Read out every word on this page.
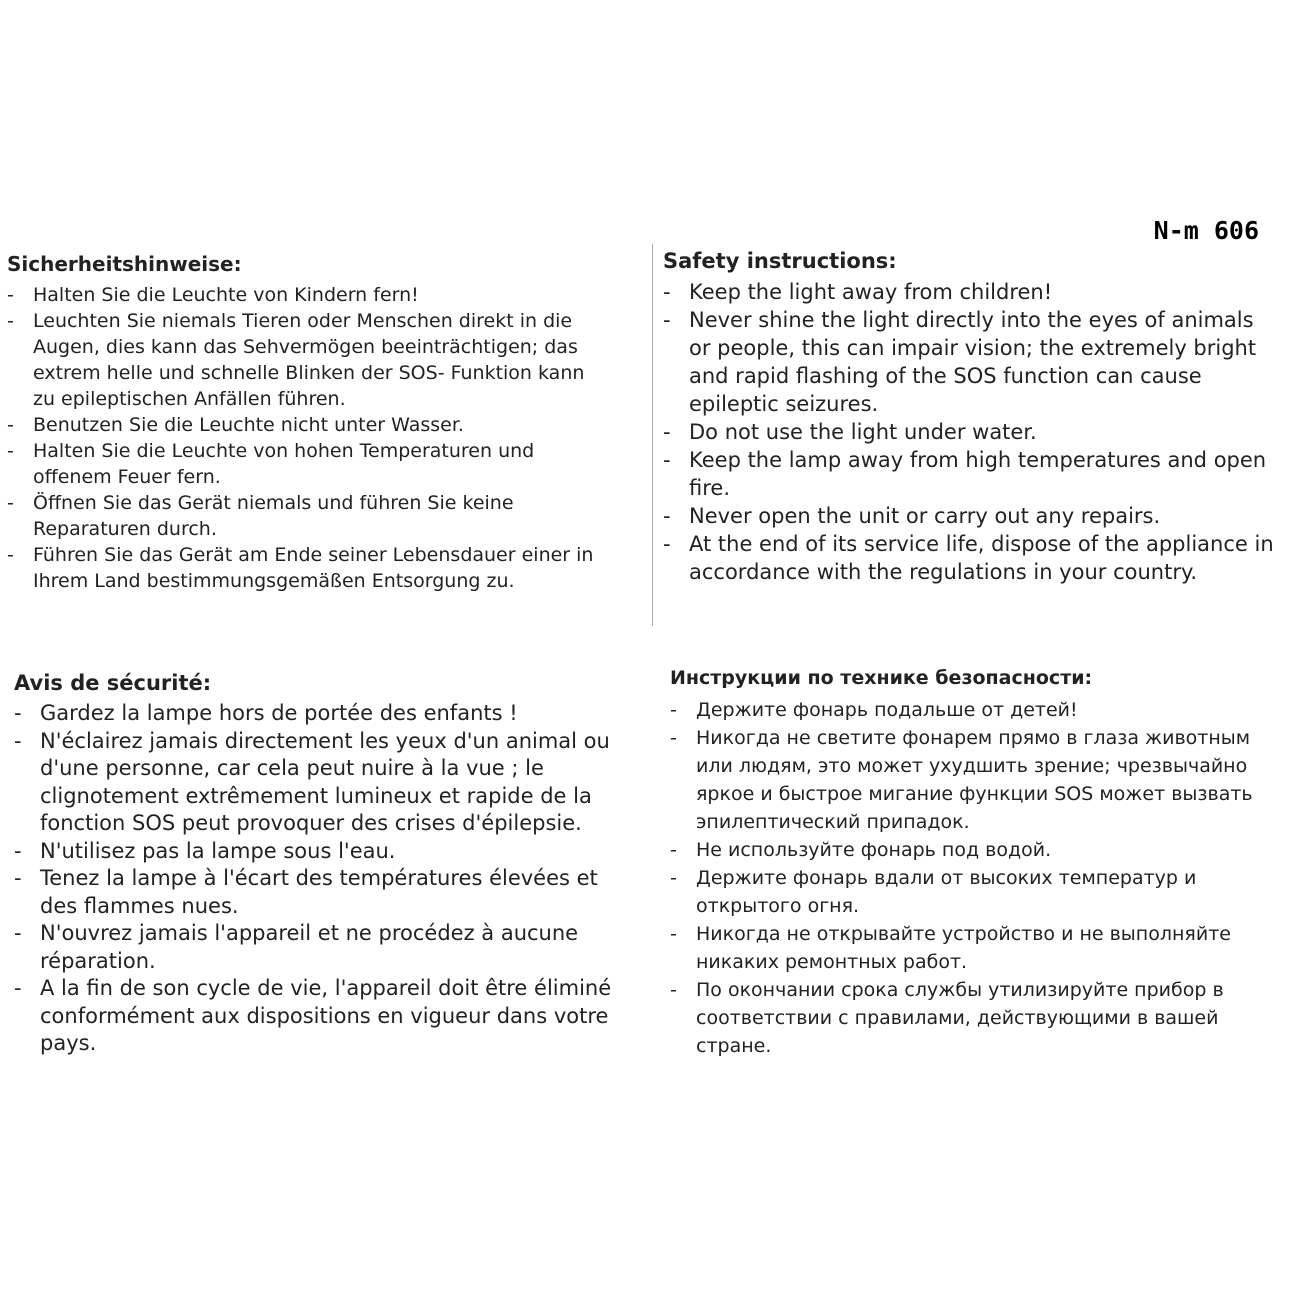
N-m 606
Sicherheitshinweise:
- Halten Sie die Leuchte von Kindern fern!
- Leuchten Sie niemals Tieren oder Menschen direkt in die Augen, dies kann das Sehvermögen beeinträchtigen; das extrem helle und schnelle Blinken der SOS- Funktion kann zu epileptischen Anfällen führen.
- Benutzen Sie die Leuchte nicht unter Wasser.
- Halten Sie die Leuchte von hohen Temperaturen und offenem Feuer fern.
- Öffnen Sie das Gerät niemals und führen Sie keine Reparaturen durch.
- Führen Sie das Gerät am Ende seiner Lebensdauer einer in Ihrem Land bestimmungsgemäßen Entsorgung zu.
Safety instructions:
- Keep the light away from children!
- Never shine the light directly into the eyes of animals or people, this can impair vision; the extremely bright and rapid flashing of the SOS function can cause epileptic seizures.
- Do not use the light under water.
- Keep the lamp away from high temperatures and open fire.
- Never open the unit or carry out any repairs.
- At the end of its service life, dispose of the appliance in accordance with the regulations in your country.
Avis de sécurité:
- Gardez la lampe hors de portée des enfants !
- N'éclairez jamais directement les yeux d'un animal ou d'une personne, car cela peut nuire à la vue ; le clignotement extrêmement lumineux et rapide de la fonction SOS peut provoquer des crises d'épilepsie.
- N'utilisez pas la lampe sous l'eau.
- Tenez la lampe à l'écart des températures élevées et des flammes nues.
- N'ouvrez jamais l'appareil et ne procédez à aucune réparation.
- A la fin de son cycle de vie, l'appareil doit être éliminé conformément aux dispositions en vigueur dans votre pays.
Инструкции по технике безопасности:
- Держите фонарь подальше от детей!
- Никогда не светите фонарем прямо в глаза животным или людям, это может ухудшить зрение; чрезвычайно яркое и быстрое мигание функции SOS может вызвать эпилептический припадок.
- Не используйте фонарь под водой.
- Держите фонарь вдали от высоких температур и открытого огня.
- Никогда не открывайте устройство и не выполняйте никаких ремонтных работ.
- По окончании срока службы утилизируйте прибор в соответствии с правилами, действующими в вашей стране.
